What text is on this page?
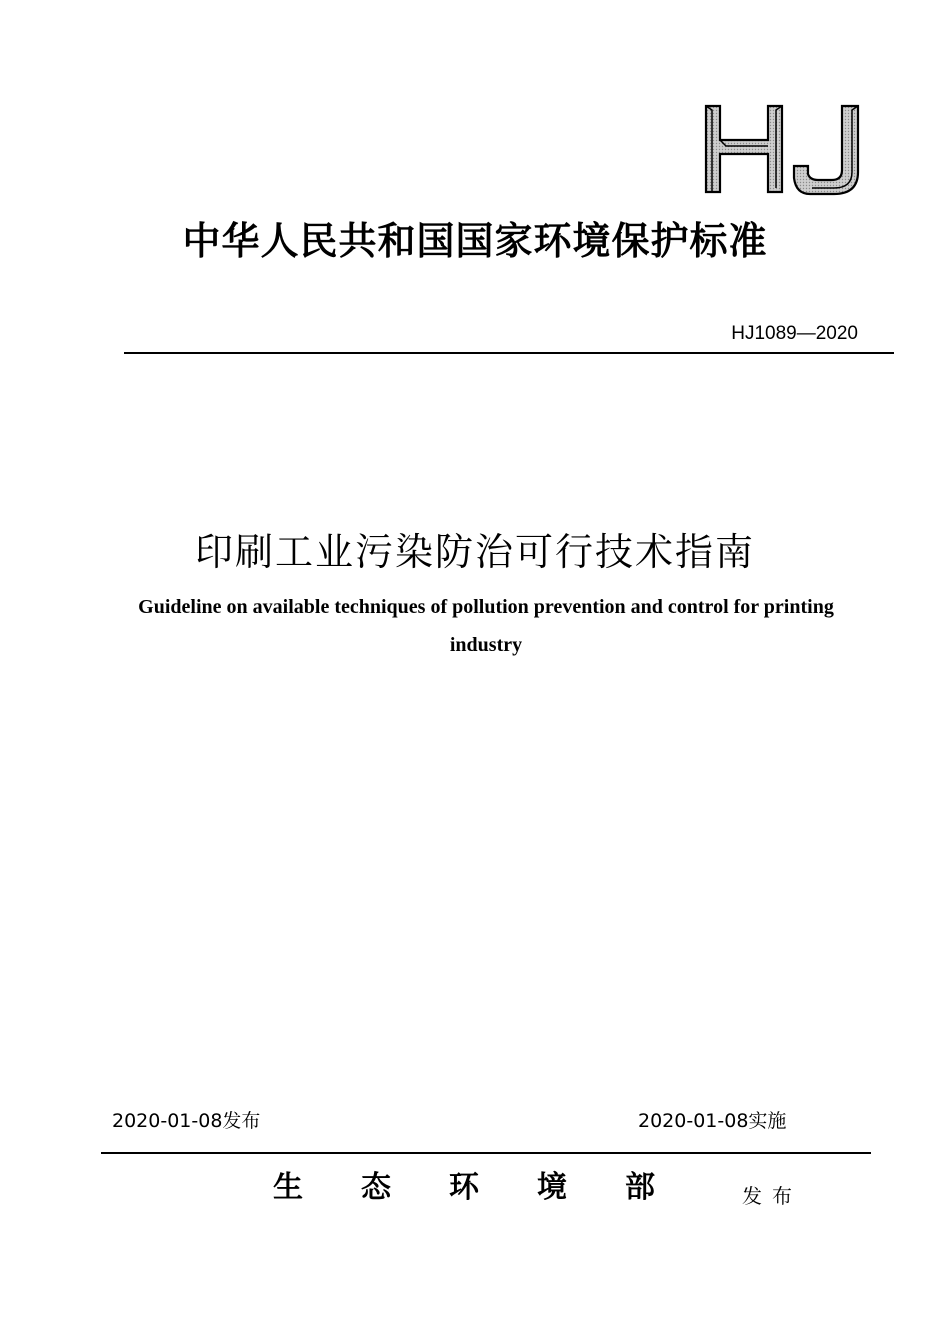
中华人民共和国国家环境保护标准
HJ1089—2020
印刷工业污染防治可行技术指南
Guideline on available techniques of pollution prevention and control for printing industry
2020-01-08发布	2020-01-08实施
生态环境部 发布
